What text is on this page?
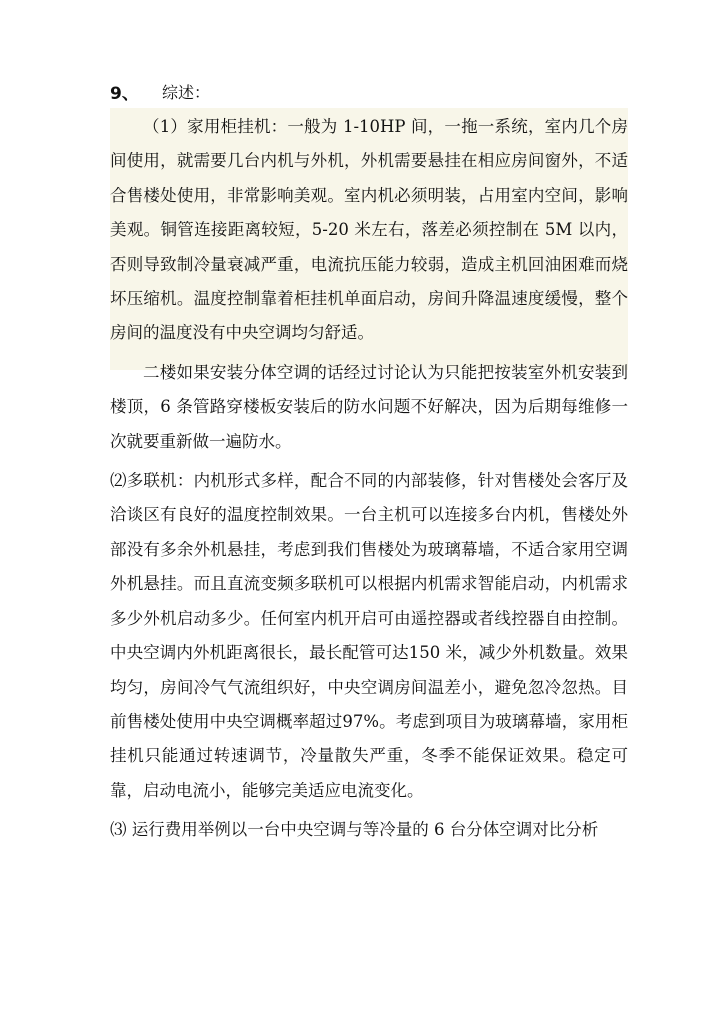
9、	综述：

（1）家用柜挂机：一般为 1-10HP 间，一拖一系统，室内几个房间使用，就需要几台内机与外机，外机需要悬挂在相应房间窗外，不适合售楼处使用，非常影响美观。室内机必须明装，占用室内空间，影响美观。铜管连接距离较短，5-20 米左右，落差必须控制在 5M 以内，否则导致制冷量衰减严重，电流抗压能力较弱，造成主机回油困难而烧坏压缩机。温度控制靠着柜挂机单面启动，房间升降温速度缓慢，整个房间的温度没有中央空调均匀舒适。

二楼如果安装分体空调的话经过讨论认为只能把按装室外机安装到楼顶，6 条管路穿楼板安装后的防水问题不好解决，因为后期每维修一次就要重新做一遍防水。

⑵多联机：内机形式多样，配合不同的内部装修，针对售楼处会客厅及洽谈区有良好的温度控制效果。一台主机可以连接多台内机，售楼处外部没有多余外机悬挂，考虑到我们售楼处为玻璃幕墙，不适合家用空调外机悬挂。而且直流变频多联机可以根据内机需求智能启动，内机需求多少外机启动多少。任何室内机开启可由遥控器或者线控器自由控制。中央空调内外机距离很长，最长配管可达150 米，减少外机数量。效果均匀，房间冷气气流组织好，中央空调房间温差小，避免忽冷忽热。目前售楼处使用中央空调概率超过97%。考虑到项目为玻璃幕墙，家用柜挂机只能通过转速调节，冷量散失严重，冬季不能保证效果。稳定可靠，启动电流小，能够完美适应电流变化。

⑶ 运行费用举例以一台中央空调与等冷量的 6 台分体空调对比分析
